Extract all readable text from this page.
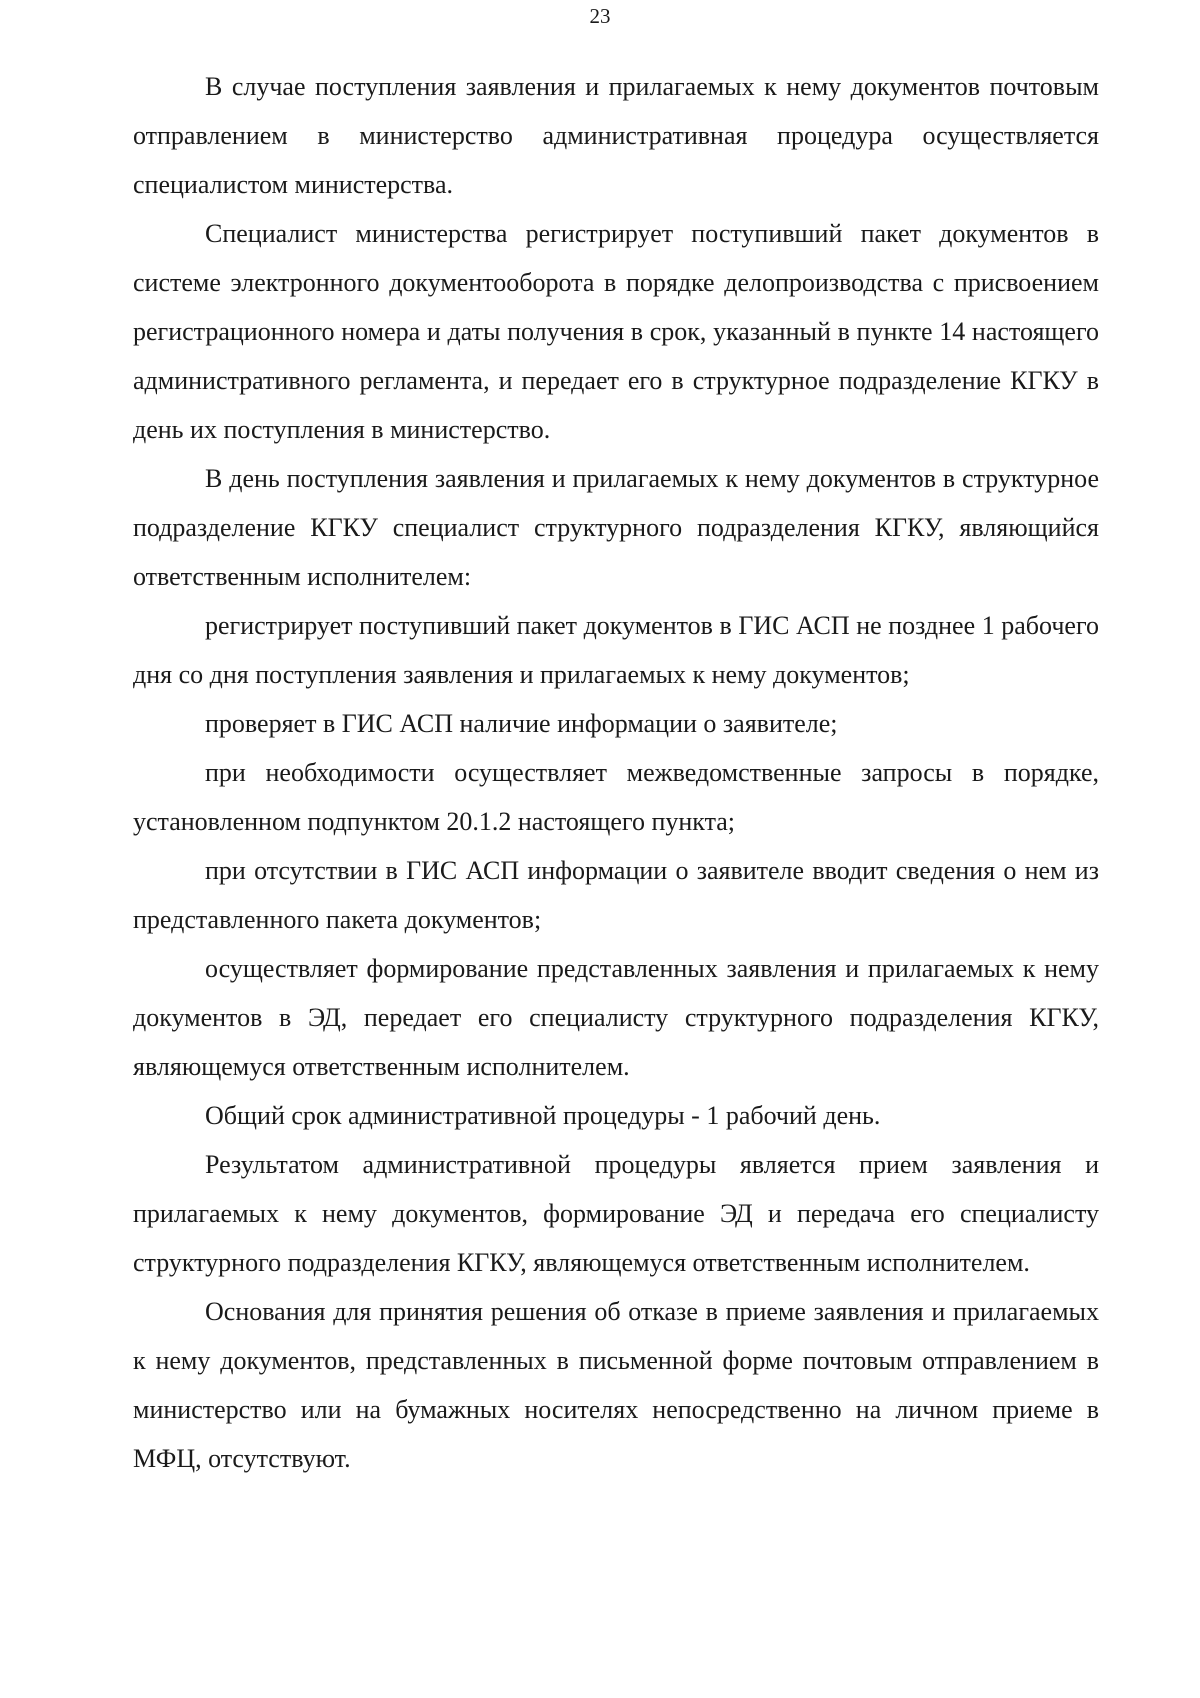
23

В случае поступления заявления и прилагаемых к нему документов почтовым отправлением в министерство административная процедура осуществляется специалистом министерства.

Специалист министерства регистрирует поступивший пакет документов в системе электронного документооборота в порядке делопроизводства с присвоением регистрационного номера и даты получения в срок, указанный в пункте 14 настоящего административного регламента, и передает его в структурное подразделение КГКУ в день их поступления в министерство.

В день поступления заявления и прилагаемых к нему документов в структурное подразделение КГКУ специалист структурного подразделения КГКУ, являющийся ответственным исполнителем:

регистрирует поступивший пакет документов в ГИС АСП не позднее 1 рабочего дня со дня поступления заявления и прилагаемых к нему документов;

проверяет в ГИС АСП наличие информации о заявителе;

при необходимости осуществляет межведомственные запросы в порядке, установленном подпунктом 20.1.2 настоящего пункта;

при отсутствии в ГИС АСП информации о заявителе вводит сведения о нем из представленного пакета документов;

осуществляет формирование представленных заявления и прилагаемых к нему документов в ЭД, передает его специалисту структурного подразделения КГКУ, являющемуся ответственным исполнителем.

Общий срок административной процедуры - 1 рабочий день.

Результатом административной процедуры является прием заявления и прилагаемых к нему документов, формирование ЭД и передача его специалисту структурного подразделения КГКУ, являющемуся ответственным исполнителем.

Основания для принятия решения об отказе в приеме заявления и прилагаемых к нему документов, представленных в письменной форме почтовым отправлением в министерство или на бумажных носителях непосредственно на личном приеме в МФЦ, отсутствуют.
